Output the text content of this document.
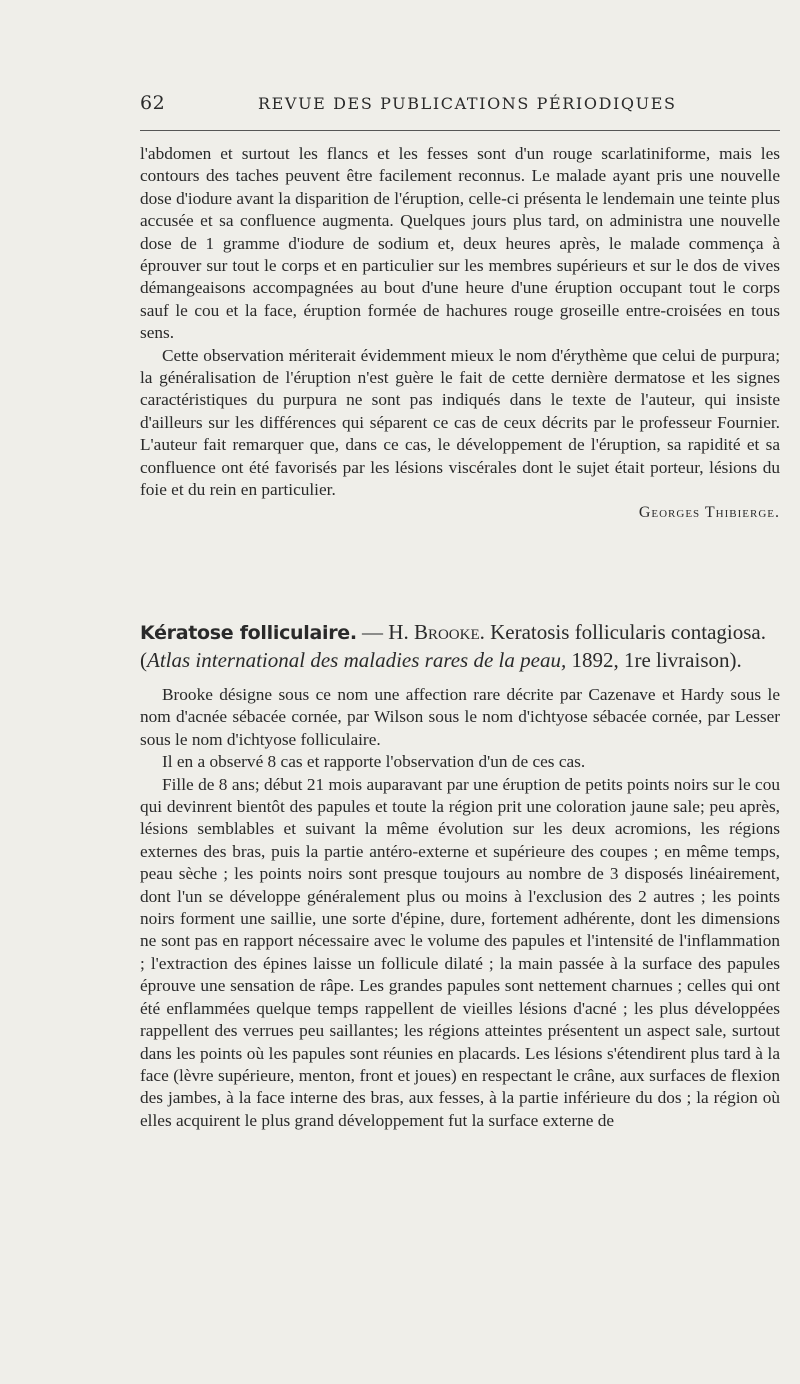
62	REVUE DES PUBLICATIONS PÉRIODIQUES

l'abdomen et surtout les flancs et les fesses sont d'un rouge scarlatiniforme, mais les contours des taches peuvent être facilement reconnus. Le malade ayant pris une nouvelle dose d'iodure avant la disparition de l'éruption, celle-ci présenta le lendemain une teinte plus accusée et sa confluence augmenta. Quelques jours plus tard, on administra une nouvelle dose de 1 gramme d'iodure de sodium et, deux heures après, le malade commença à éprouver sur tout le corps et en particulier sur les membres supérieurs et sur le dos de vives démangeaisons accompagnées au bout d'une heure d'une éruption occupant tout le corps sauf le cou et la face, éruption formée de hachures rouge groseille entre-croisées en tous sens.

Cette observation mériterait évidemment mieux le nom d'érythème que celui de purpura; la généralisation de l'éruption n'est guère le fait de cette dernière dermatose et les signes caractéristiques du purpura ne sont pas indiqués dans le texte de l'auteur, qui insiste d'ailleurs sur les différences qui séparent ce cas de ceux décrits par le professeur Fournier. L'auteur fait remarquer que, dans ce cas, le développement de l'éruption, sa rapidité et sa confluence ont été favorisés par les lésions viscérales dont le sujet était porteur, lésions du foie et du rein en particulier.

Georges Thibierge.

Kératose folliculaire. — H. Brooke. Keratosis follicularis contagiosa. (Atlas international des maladies rares de la peau, 1892, 1re livraison).

Brooke désigne sous ce nom une affection rare décrite par Cazenave et Hardy sous le nom d'acnée sébacée cornée, par Wilson sous le nom d'ichtyose sébacée cornée, par Lesser sous le nom d'ichtyose folliculaire.

Il en a observé 8 cas et rapporte l'observation d'un de ces cas.

Fille de 8 ans; début 21 mois auparavant par une éruption de petits points noirs sur le cou qui devinrent bientôt des papules et toute la région prit une coloration jaune sale; peu après, lésions semblables et suivant la même évolution sur les deux acromions, les régions externes des bras, puis la partie antéro-externe et supérieure des coupes ; en même temps, peau sèche ; les points noirs sont presque toujours au nombre de 3 disposés linéairement, dont l'un se développe généralement plus ou moins à l'exclusion des 2 autres ; les points noirs forment une saillie, une sorte d'épine, dure, fortement adhérente, dont les dimensions ne sont pas en rapport nécessaire avec le volume des papules et l'intensité de l'inflammation ; l'extraction des épines laisse un follicule dilaté ; la main passée à la surface des papules éprouve une sensation de râpe. Les grandes papules sont nettement charnues ; celles qui ont été enflammées quelque temps rappellent de vieilles lésions d'acné ; les plus développées rappellent des verrues peu saillantes; les régions atteintes présentent un aspect sale, surtout dans les points où les papules sont réunies en placards. Les lésions s'étendirent plus tard à la face (lèvre supérieure, menton, front et joues) en respectant le crâne, aux surfaces de flexion des jambes, à la face interne des bras, aux fesses, à la partie inférieure du dos ; la région où elles acquirent le plus grand développement fut la surface externe de
